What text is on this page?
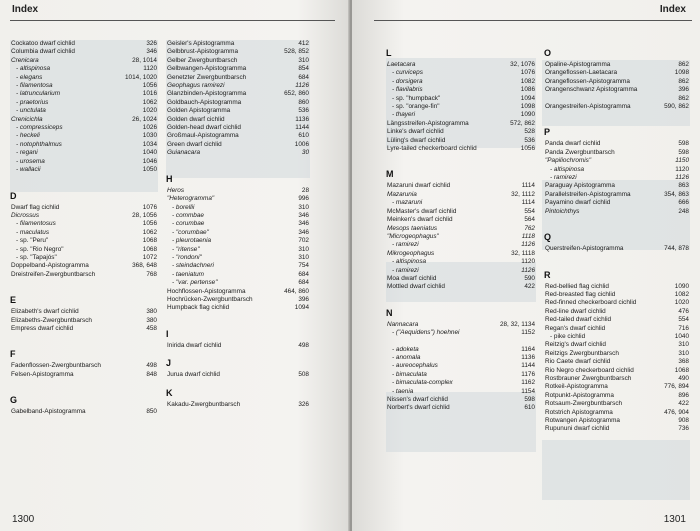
Index
Cockatoo dwarf cichlid	326
Columbia dwarf cichlid	346
Crenicara	28, 1014
- altispinosa	1120
- elegans	1014, 1020
- filamentosa	1056
- latruncularium	1016
- praetorius	1062
- unctulata	1020
Crenicichla	26, 1024
- compressiceps	1026
- heckeli	1030
- notophthalmus	1034
- regani	1040
- urosema	1046
- wallacii	1050
D
Dwarf flag cichlid	1076
Dicrossus	28, 1056
- filamentosus	1056
- maculatus	1062
- sp. "Peru"	1068
- sp. "Rio Negro"	1068
- sp. "Tapajós"	1072
Doppelband-Apistogramma	368, 648
Dreistreifen-Zwergbuntbarsch	768
E
Elizabeth's dwarf cichlid	380
Elizabeths-Zwergbuntbarsch	380
Empress dwarf cichlid	458
F
Fadenflossen-Zwergbuntbarsch	498
Felsen-Apistogramma	848
G
Gabelband-Apistogramma	850
Geisler's Apistogramma	412
Gelbbrust-Apistogramma	528, 852
Gelber Zwergbuntbarsch	310
Gelbwangen-Apistogramma	854
Genetzter Zwergbuntbarsch	684
Geophagus ramirezi	1126
Glanzbinden-Apistogramma	652, 860
Goldbauch-Apistogramma	860
Golden Apistogramma	536
Golden dwarf cichlid	1136
Golden-head dwarf cichlid	1144
Großmaul-Apistogramma	610
Green dwarf cichlid	1006
Guianacara	30
H
Heros	28
"Heterogramma"	996
- borellii	310
- commbae	346
- corumbae	346
- "corumbae"	346
- pleurotaenia	702
- "ritense"	310
- "rondoni"	310
- steindachneri	754
- taeniatum	684
- "var. pertense"	684
Hochflossen-Apistogramma	464, 860
Hochrücken-Zwergbuntbarsch	396
Humpback flag cichlid	1094
I
Inirida dwarf cichlid	498
J
Jurua dwarf cichlid	508
K
Kakadu-Zwergbuntbarsch	326
1300
Index
L
Laetacara	32, 1076
- curviceps	1076
- dorsigera	1082
- flavilabris	1086
- sp. "humpback"	1094
- sp. "orange-fin"	1098
- thayeri	1090
Längsstreifen-Apistogramma	572, 862
Linke's dwarf cichlid	528
Lüling's dwarf cichlid	536
Lyre-tailed checkerboard cichlid	1056
M
Mazaruni dwarf cichlid	1114
Mazarunia	32, 1112
- mazaruni	1114
McMaster's dwarf cichlid	554
Meinken's dwarf cichlid	564
Mesops taeniatus	762
"Microgeophagus"	1118
- ramirezi	1126
Mikrogeophagus	32, 1118
- altispinosa	1120
- ramirezi	1126
Moa dwarf cichlid	590
Mottled dwarf cichlid	422
N
Nannacara	28, 32, 1134
- ("Aequidens") hoehnei	1152
- adoketa	1164
- anomala	1136
- aureocephalus	1144
- bimaculata	1176
- bimaculata-complex	1162
- taenia	1154
Nissen's dwarf cichlid	598
Norbert's dwarf cichlid	610
O
Opaline-Apistogramma	862
Orangeflossen-Laetacara	1098
Orangeflossen-Apistogramma	862
Orangenschwanz Apistogramma	396
862
Orangestreifen-Apistogramma	590, 862
P
Panda dwarf cichlid	598
Panda Zwergbuntbarsch	598
"Papiliochromis"	1150
- altispinosa	1120
- ramirezi	1126
Paraguay Apistogramma	863
Parallelstreifen-Apistogramma	354, 863
Payamino dwarf cichlid	666
Pintoichthys	248
Q
Querstreifen-Apistogramma	744, 878
R
Red-bellied flag cichlid	1090
Red-breasted flag cichlid	1082
Red-finned checkerboard cichlid	1020
Red-line dwarf cichlid	476
Red-tailed dwarf cichlid	554
Regan's dwarf cichlid	716
- pike cichlid	1040
Reitzig's dwarf cichlid	310
Reitzigs Zwergbuntbarsch	310
Rio Caete dwarf cichlid	368
Rio Negro checkerboard cichlid	1068
Rostbrauner Zwergbuntbarsch	490
Rotkeil-Apistogramma	776, 894
Rotpunkt-Apistogramma	896
Rotsaum-Zwergbuntbarsch	422
Rotstrich Apistogramma	476, 904
Rotwangen Apistogramma	908
Rupununi dwarf cichlid	736
1301
